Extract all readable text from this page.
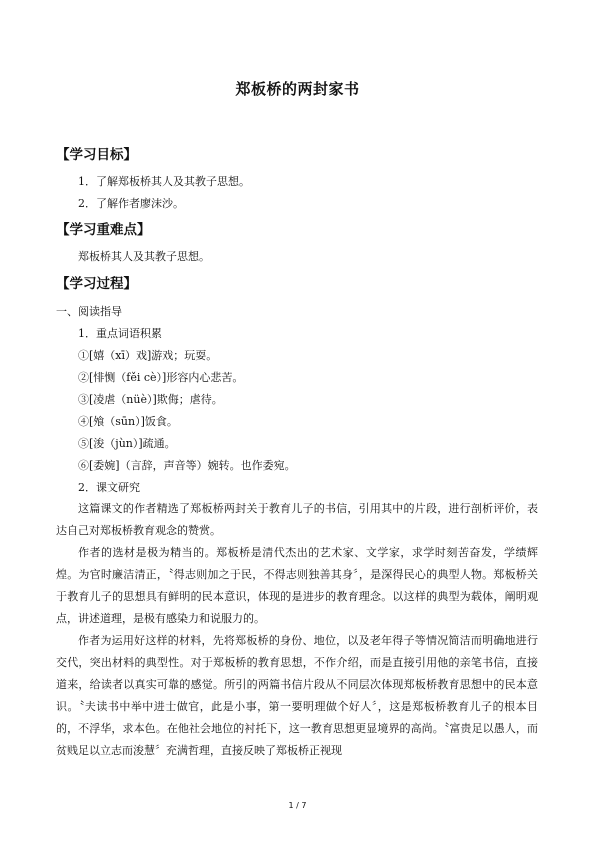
郑板桥的两封家书
【学习目标】
1．了解郑板桥其人及其教子思想。
2．了解作者廖沫沙。
【学习重难点】
郑板桥其人及其教子思想。
【学习过程】
一、阅读指导
1．重点词语积累
①[嬉（xī）戏]游戏；玩耍。
②[悱恻（fěi cè）]形容内心悲苦。
③[凌虐（nüè）]欺侮；虐待。
④[飧（sūn）]饭食。
⑤[浚（jùn）]疏通。
⑥[委婉]（言辞，声音等）婉转。也作委宛。
2．课文研究

这篇课文的作者精选了郑板桥两封关于教育儿子的书信，引用其中的片段，进行剖析评价，表达自己对郑板桥教育观念的赞赏。

作者的选材是极为精当的。郑板桥是清代杰出的艺术家、文学家，求学时刻苦奋发，学绩辉煌。为官时廉洁清正，〝得志则加之于民，不得志则独善其身〞，是深得民心的典型人物。郑板桥关于教育儿子的思想具有鲜明的民本意识，体现的是进步的教育理念。以这样的典型为载体，阐明观点，讲述道理，是极有感染力和说服力的。

作者为运用好这样的材料，先将郑板桥的身份、地位，以及老年得子等情况简洁而明确地进行交代，突出材料的典型性。对于郑板桥的教育思想，不作介绍，而是直接引用他的亲笔书信，直接道来，给读者以真实可靠的感觉。所引的两篇书信片段从不同层次体现郑板桥教育思想中的民本意识。〝夫读书中举中进士做官，此是小事，第一要明理做个好人〞，这是郑板桥教育儿子的根本目的，不浮华，求本色。在他社会地位的衬托下，这一教育思想更显境界的高尚。〝富贵足以愚人，而贫贱足以立志而浚慧〞充满哲理，直接反映了郑板桥正视现

1 / 7
